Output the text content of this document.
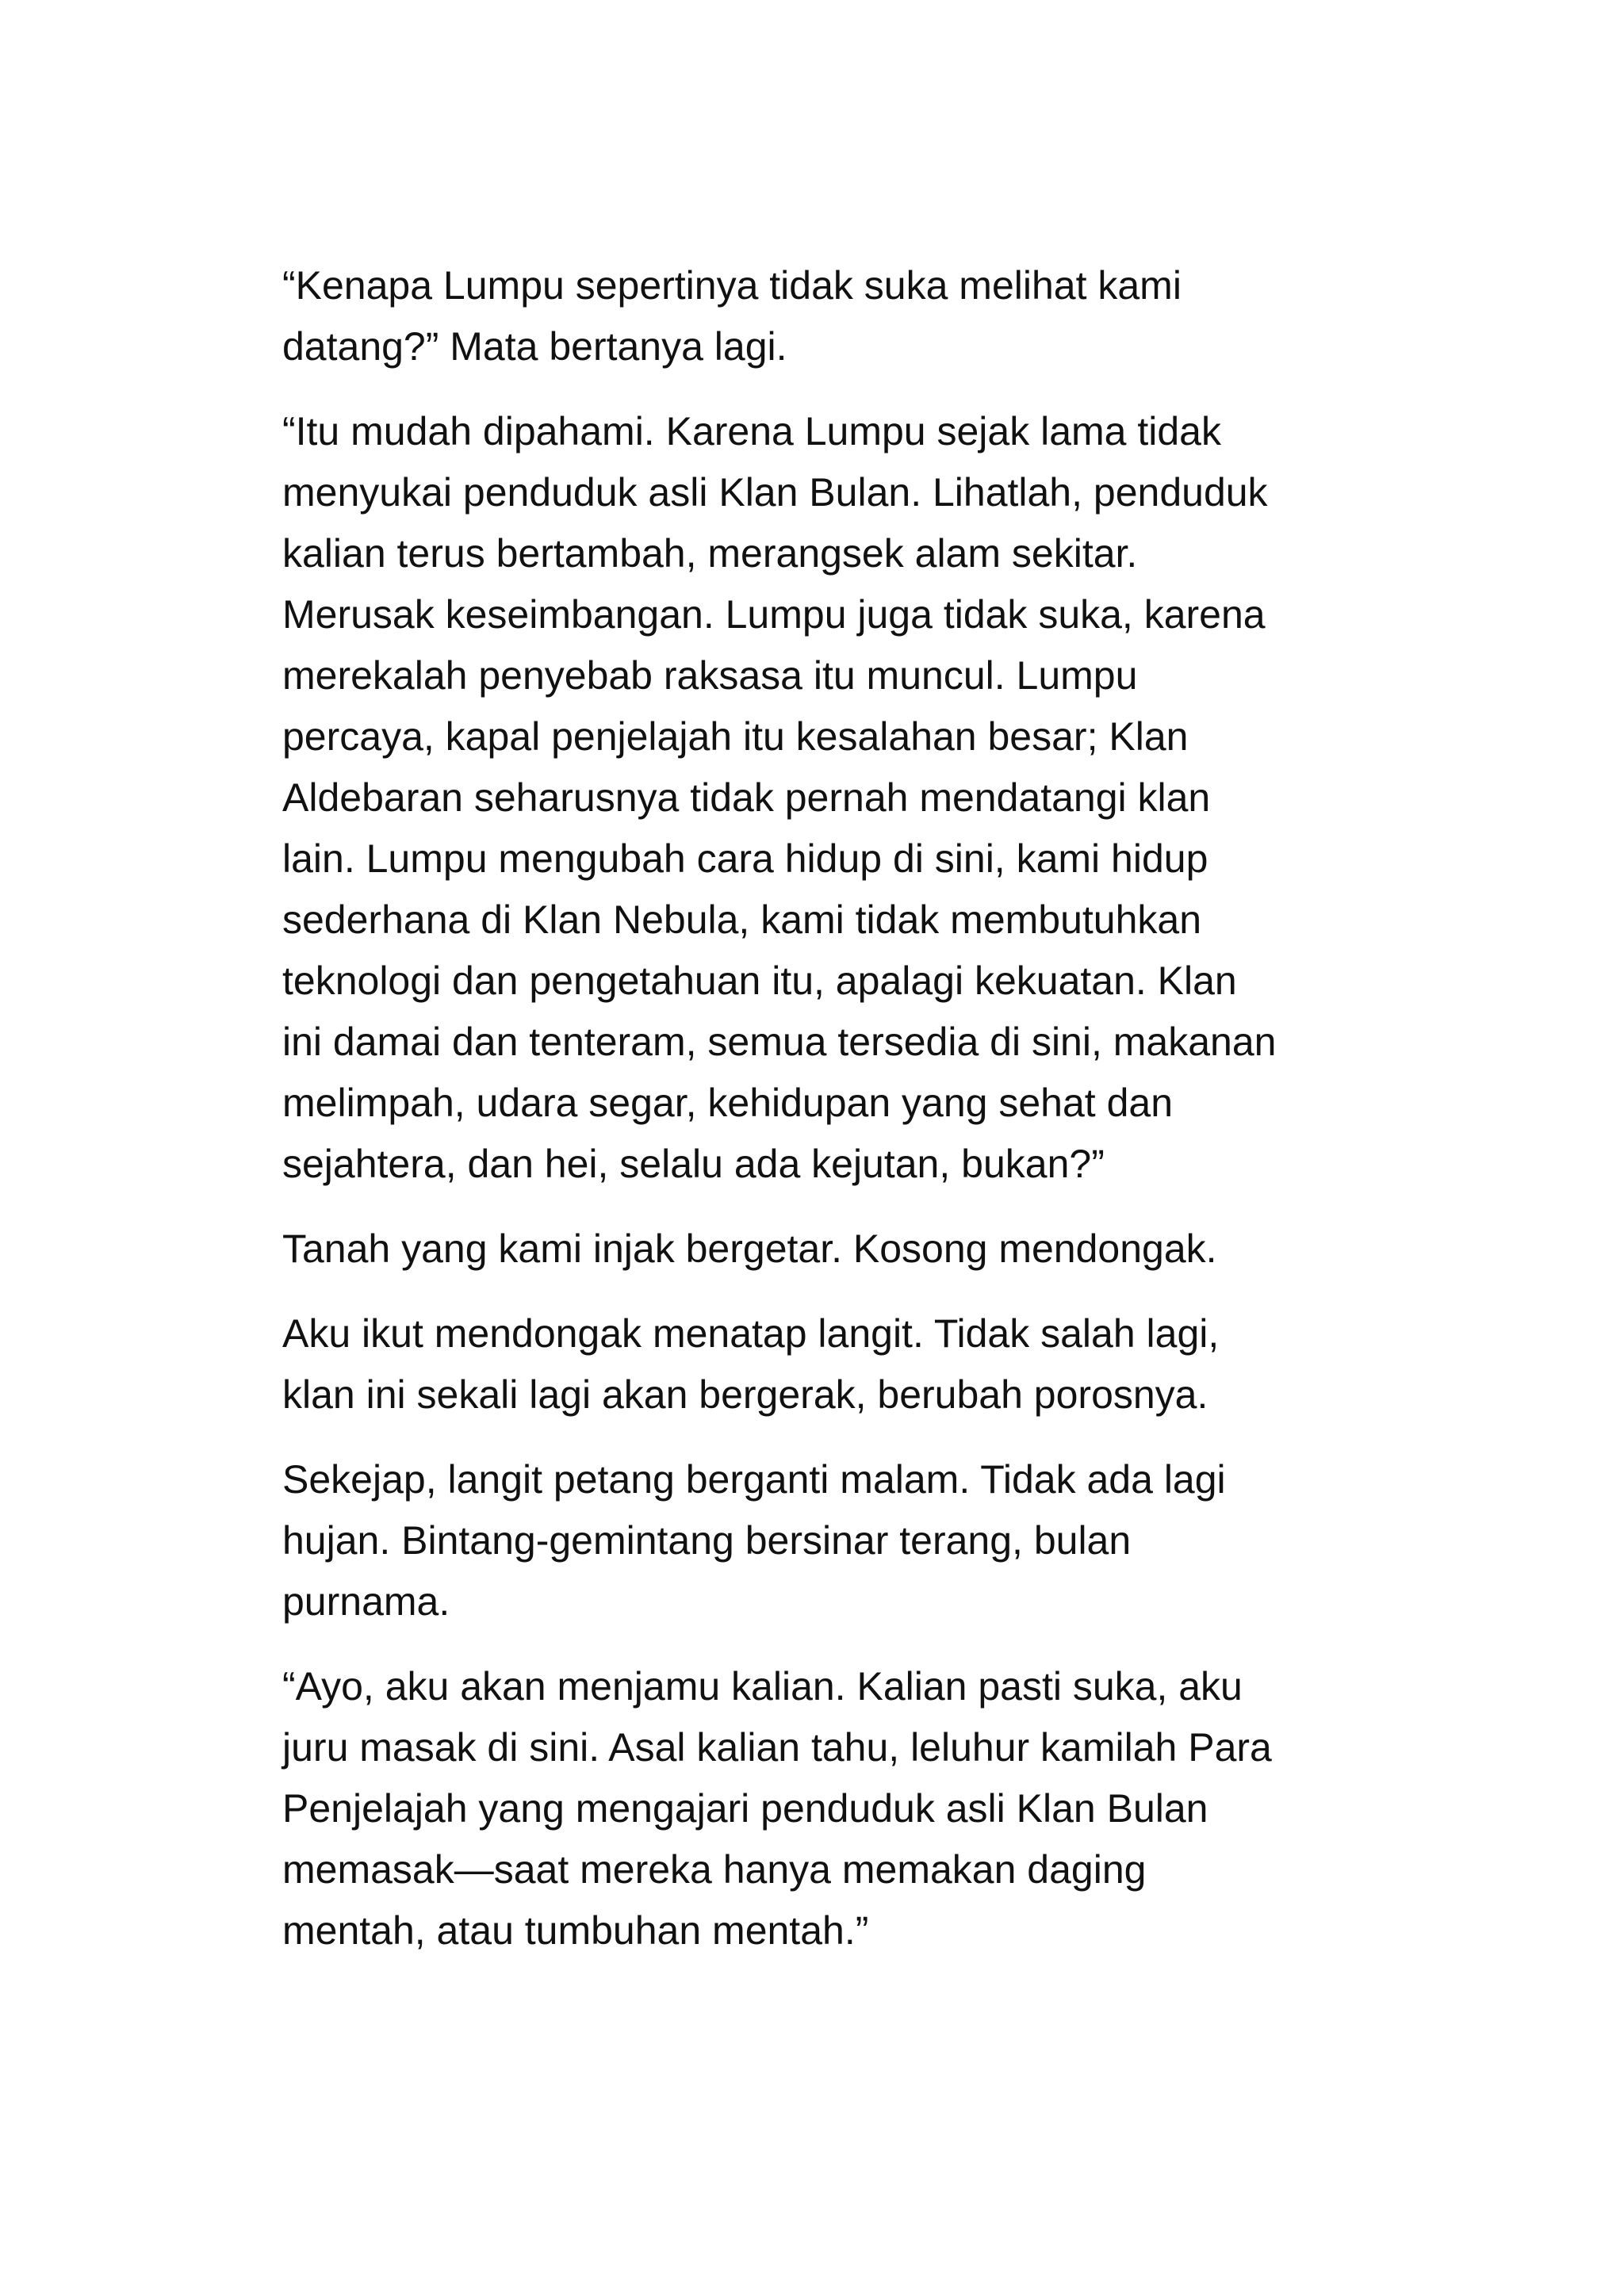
“Kenapa Lumpu sepertinya tidak suka melihat kami
datang?” Mata bertanya lagi.

“Itu mudah dipahami. Karena Lumpu sejak lama tidak
menyukai penduduk asli Klan Bulan. Lihatlah, penduduk
kalian terus bertambah, merangsek alam sekitar.
Merusak keseimbangan. Lumpu juga tidak suka, karena
merekalah penyebab raksasa itu muncul. Lumpu
percaya, kapal penjelajah itu kesalahan besar; Klan
Aldebaran seharusnya tidak pernah mendatangi klan
lain. Lumpu mengubah cara hidup di sini, kami hidup
sederhana di Klan Nebula, kami tidak membutuhkan
teknologi dan pengetahuan itu, apalagi kekuatan. Klan
ini damai dan tenteram, semua tersedia di sini, makanan
melimpah, udara segar, kehidupan yang sehat dan
sejahtera, dan hei, selalu ada kejutan, bukan?”

Tanah yang kami injak bergetar. Kosong mendongak.

Aku ikut mendongak menatap langit. Tidak salah lagi,
klan ini sekali lagi akan bergerak, berubah porosnya.

Sekejap, langit petang berganti malam. Tidak ada lagi
hujan. Bintang-gemintang bersinar terang, bulan
purnama.

“Ayo, aku akan menjamu kalian. Kalian pasti suka, aku
juru masak di sini. Asal kalian tahu, leluhur kamilah Para
Penjelajah yang mengajari penduduk asli Klan Bulan
memasak—saat mereka hanya memakan daging
mentah, atau tumbuhan mentah.”
